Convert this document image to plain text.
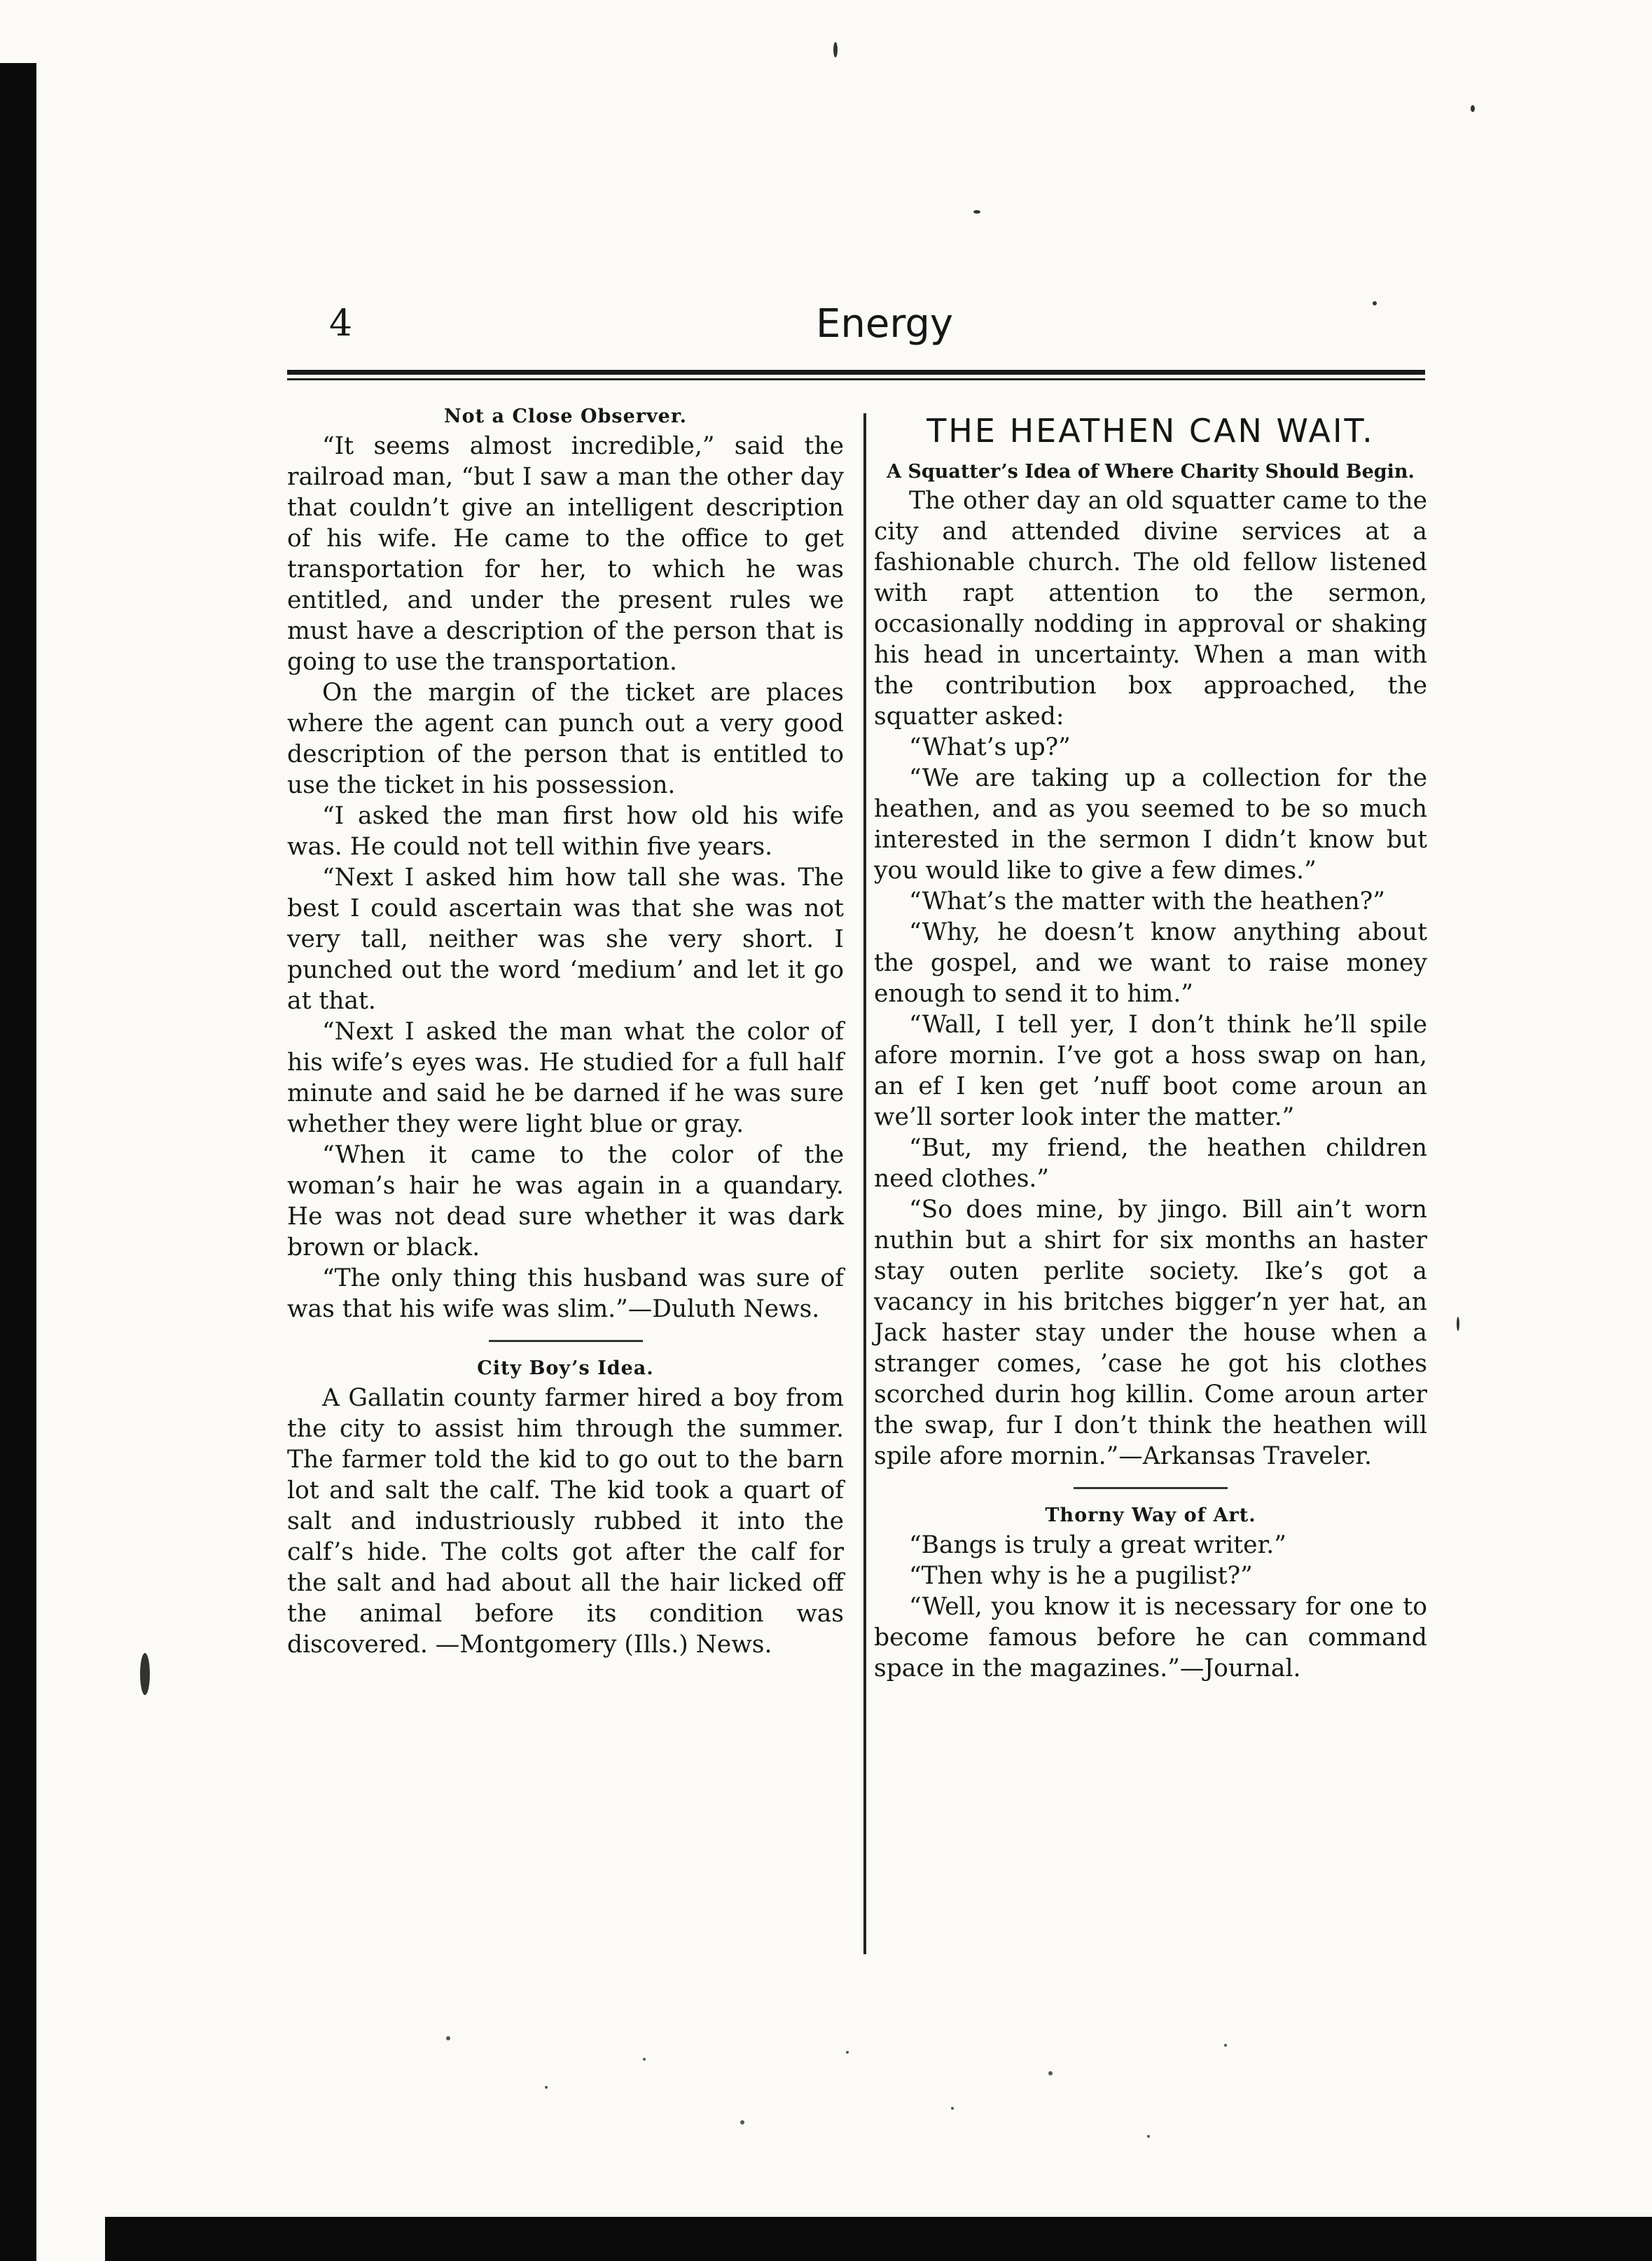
4	Energy
Not a Close Observer.

“It seems almost incredible,” said the railroad man, “but I saw a man the other day that couldn’t give an intelligent description of his wife. He came to the office to get transportation for her, to which he was entitled, and under the present rules we must have a description of the person that is going to use the transportation.

On the margin of the ticket are places where the agent can punch out a very good description of the person that is entitled to use the ticket in his possession.

“I asked the man first how old his wife was. He could not tell within five years.

“Next I asked him how tall she was. The best I could ascertain was that she was not very tall, neither was she very short. I punched out the word ‘medium’ and let it go at that.

“Next I asked the man what the color of his wife’s eyes was. He studied for a full half minute and said he be darned if he was sure whether they were light blue or gray.

“When it came to the color of the woman’s hair he was again in a quandary. He was not dead sure whether it was dark brown or black.

“The only thing this husband was sure of was that his wife was slim.”—Duluth News.

City Boy’s Idea.

A Gallatin county farmer hired a boy from the city to assist him through the summer. The farmer told the kid to go out to the barn lot and salt the calf. The kid took a quart of salt and industriously rubbed it into the calf’s hide. The colts got after the calf for the salt and had about all the hair licked off the animal before its condition was discovered. —Montgomery (Ills.) News.

THE HEATHEN CAN WAIT.
A Squatter’s Idea of Where Charity Should Begin.

The other day an old squatter came to the city and attended divine services at a fashionable church. The old fellow listened with rapt attention to the sermon, occasionally nodding in approval or shaking his head in uncertainty. When a man with the contribution box approached, the squatter asked:

“What’s up?”

“We are taking up a collection for the heathen, and as you seemed to be so much interested in the sermon I didn’t know but you would like to give a few dimes.”

“What’s the matter with the heathen?”

“Why, he doesn’t know anything about the gospel, and we want to raise money enough to send it to him.”

“Wall, I tell yer, I don’t think he’ll spile afore mornin. I’ve got a hoss swap on han, an ef I ken get ’nuff boot come aroun an we’ll sorter look inter the matter.”

“But, my friend, the heathen children need clothes.”

“So does mine, by jingo. Bill ain’t worn nuthin but a shirt for six months an haster stay outen perlite society. Ike’s got a vacancy in his britches bigger’n yer hat, an Jack haster stay under the house when a stranger comes, ’case he got his clothes scorched durin hog killin. Come aroun arter the swap, fur I don’t think the heathen will spile afore mornin.”—Arkansas Traveler.

Thorny Way of Art.

“Bangs is truly a great writer.”

“Then why is he a pugilist?”

“Well, you know it is necessary for one to become famous before he can command space in the magazines.”—Journal.
